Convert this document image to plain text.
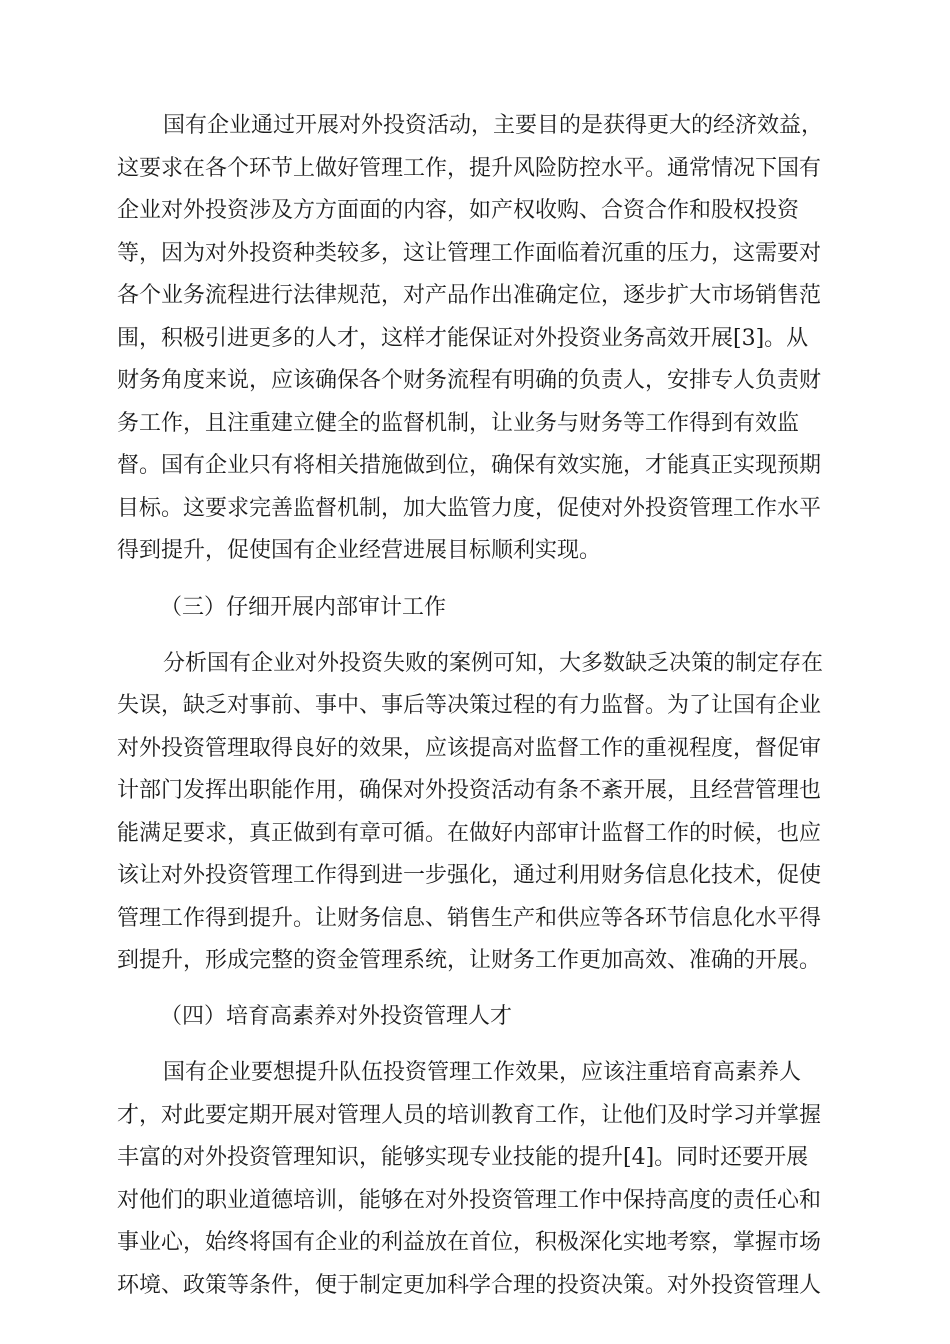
国有企业通过开展对外投资活动，主要目的是获得更大的经济效益，
这要求在各个环节上做好管理工作，提升风险防控水平。通常情况下国有
企业对外投资涉及方方面面的内容，如产权收购、合资合作和股权投资
等，因为对外投资种类较多，这让管理工作面临着沉重的压力，这需要对
各个业务流程进行法律规范，对产品作出准确定位，逐步扩大市场销售范
围，积极引进更多的人才，这样才能保证对外投资业务高效开展[3]。从
财务角度来说，应该确保各个财务流程有明确的负责人，安排专人负责财
务工作，且注重建立健全的监督机制，让业务与财务等工作得到有效监
督。国有企业只有将相关措施做到位，确保有效实施，才能真正实现预期
目标。这要求完善监督机制，加大监管力度，促使对外投资管理工作水平
得到提升，促使国有企业经营进展目标顺利实现。
（三）仔细开展内部审计工作
分析国有企业对外投资失败的案例可知，大多数缺乏决策的制定存在
失误，缺乏对事前、事中、事后等决策过程的有力监督。为了让国有企业
对外投资管理取得良好的效果，应该提高对监督工作的重视程度，督促审
计部门发挥出职能作用，确保对外投资活动有条不紊开展，且经营管理也
能满足要求，真正做到有章可循。在做好内部审计监督工作的时候，也应
该让对外投资管理工作得到进一步强化，通过利用财务信息化技术，促使
管理工作得到提升。让财务信息、销售生产和供应等各环节信息化水平得
到提升，形成完整的资金管理系统，让财务工作更加高效、准确的开展。
（四）培育高素养对外投资管理人才
国有企业要想提升队伍投资管理工作效果，应该注重培育高素养人
才，对此要定期开展对管理人员的培训教育工作，让他们及时学习并掌握
丰富的对外投资管理知识，能够实现专业技能的提升[4]。同时还要开展
对他们的职业道德培训，能够在对外投资管理工作中保持高度的责任心和
事业心，始终将国有企业的利益放在首位，积极深化实地考察，掌握市场
环境、政策等条件，便于制定更加科学合理的投资决策。对外投资管理人
